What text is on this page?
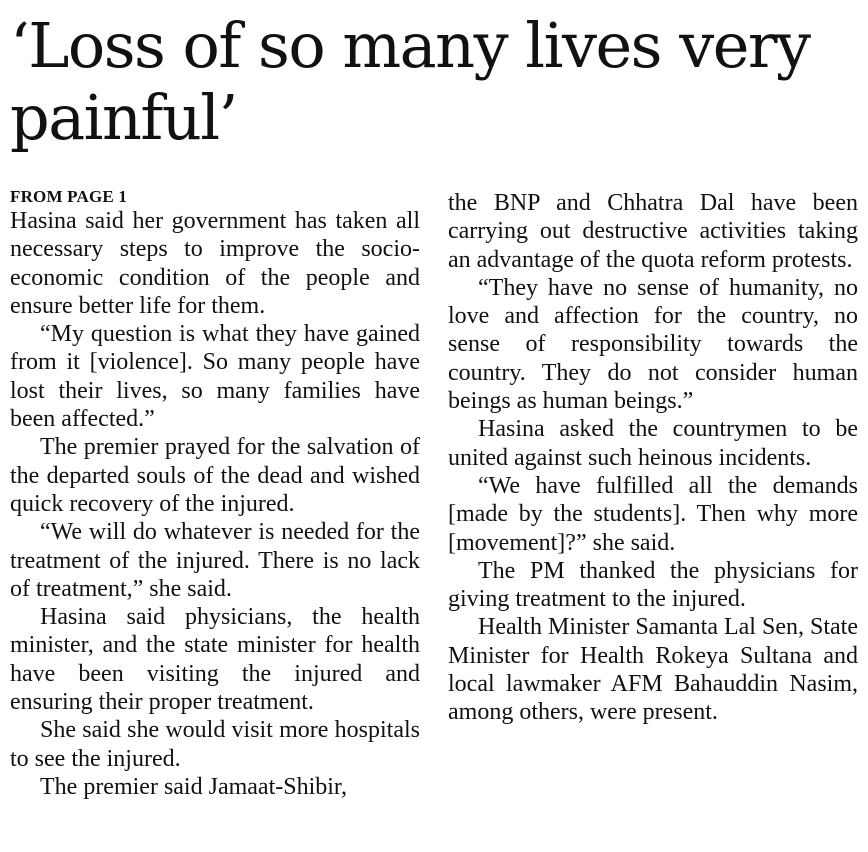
‘Loss of so many lives very painful’
FROM PAGE 1

Hasina said her government has taken all necessary steps to improve the socio-economic condition of the people and ensure better life for them.

“My question is what they have gained from it [violence]. So many people have lost their lives, so many families have been affected.”

The premier prayed for the salvation of the departed souls of the dead and wished quick recovery of the injured.

“We will do whatever is needed for the treatment of the injured. There is no lack of treatment,” she said.

Hasina said physicians, the health minister, and the state minister for health have been visiting the injured and ensuring their proper treatment.

She said she would visit more hospitals to see the injured.

The premier said Jamaat-Shibir,

the BNP and Chhatra Dal have been carrying out destructive activities taking an advantage of the quota reform protests.

“They have no sense of humanity, no love and affection for the country, no sense of responsibility towards the country. They do not consider human beings as human beings.”

Hasina asked the countrymen to be united against such heinous incidents.

“We have fulfilled all the demands [made by the students]. Then why more [movement]?” she said.

The PM thanked the physicians for giving treatment to the injured.

Health Minister Samanta Lal Sen, State Minister for Health Rokeya Sultana and local lawmaker AFM Bahauddin Nasim, among others, were present.
